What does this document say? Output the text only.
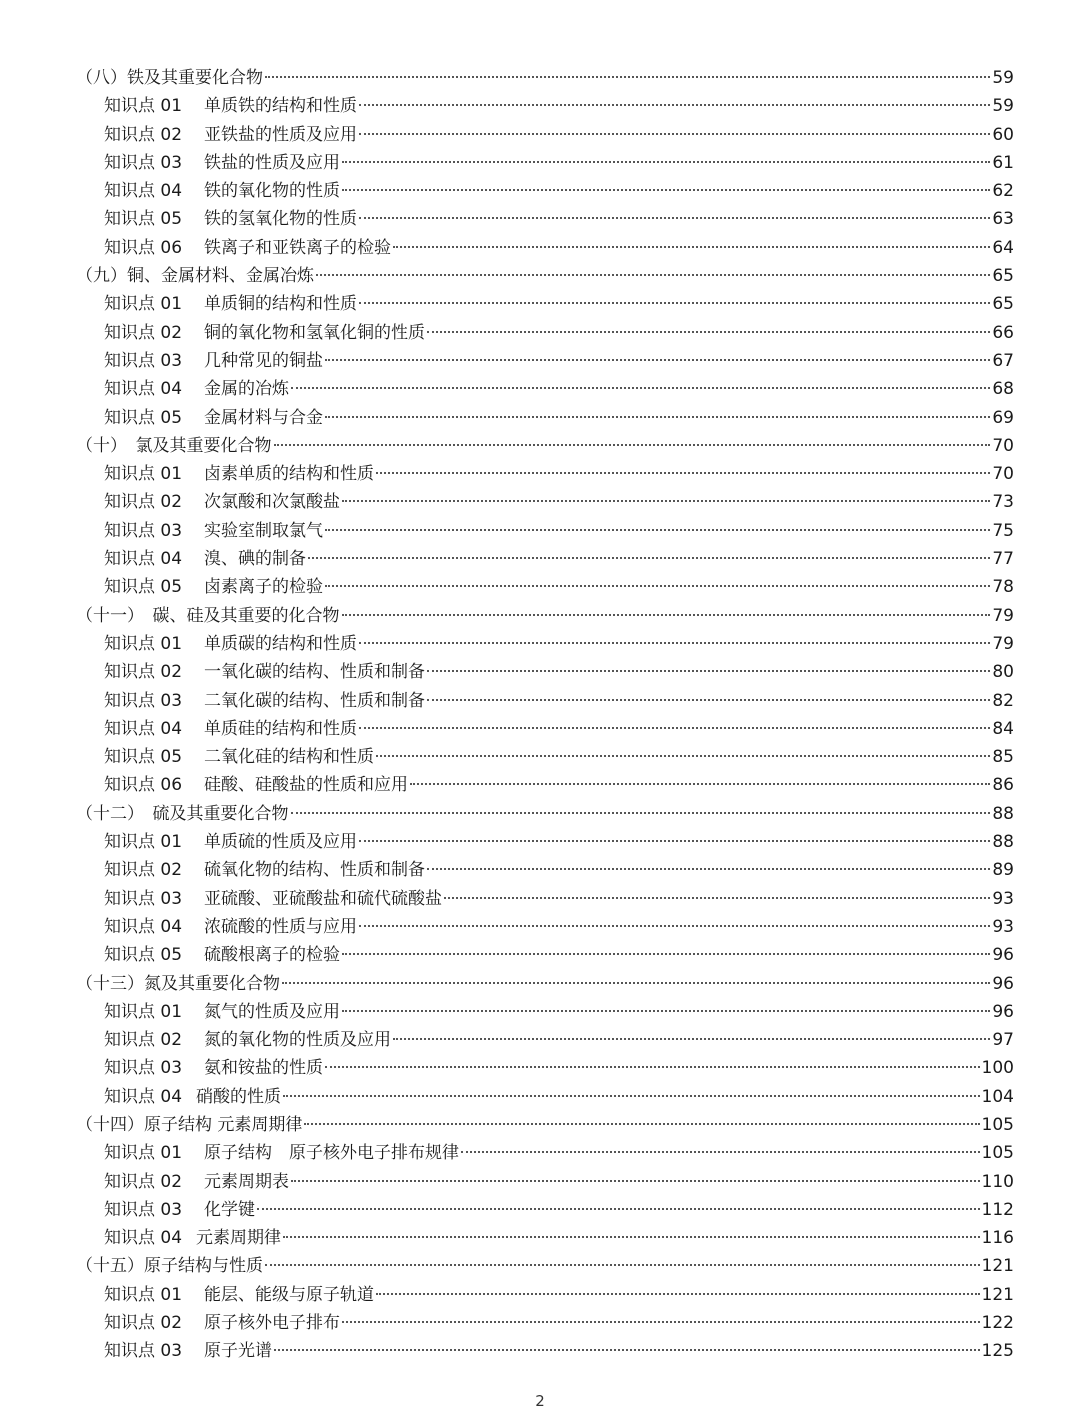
（八）铁及其重要化合物	59
知识点 01	单质铁的结构和性质	59
知识点 02	亚铁盐的性质及应用	60
知识点 03	铁盐的性质及应用	61
知识点 04	铁的氧化物的性质	62
知识点 05	铁的氢氧化物的性质	63
知识点 06	铁离子和亚铁离子的检验	64
（九）铜、金属材料、金属冶炼	65
知识点 01	单质铜的结构和性质	65
知识点 02	铜的氧化物和氢氧化铜的性质	66
知识点 03	几种常见的铜盐	67
知识点 04	金属的冶炼	68
知识点 05	金属材料与合金	69
（十）　氯及其重要化合物	70
知识点 01	卤素单质的结构和性质	70
知识点 02	次氯酸和次氯酸盐	73
知识点 03	实验室制取氯气	75
知识点 04	溴、碘的制备	77
知识点 05	卤素离子的检验	78
（十一）　碳、硅及其重要的化合物	79
知识点 01	单质碳的结构和性质	79
知识点 02	一氧化碳的结构、性质和制备	80
知识点 03	二氧化碳的结构、性质和制备	82
知识点 04	单质硅的结构和性质	84
知识点 05	二氧化硅的结构和性质	85
知识点 06	硅酸、硅酸盐的性质和应用	86
（十二）　硫及其重要化合物	88
知识点 01	单质硫的性质及应用	88
知识点 02	硫氧化物的结构、性质和制备	89
知识点 03	亚硫酸、亚硫酸盐和硫代硫酸盐	93
知识点 04	浓硫酸的性质与应用	93
知识点 05	硫酸根离子的检验	96
（十三）氮及其重要化合物	96
知识点 01	氮气的性质及应用	96
知识点 02	氮的氧化物的性质及应用	97
知识点 03	氨和铵盐的性质	100
知识点 04 硝酸的性质	104
（十四）原子结构 元素周期律	105
知识点 01	原子结构　原子核外电子排布规律	105
知识点 02	元素周期表	110
知识点 03	化学键	112
知识点 04 元素周期律	116
（十五）原子结构与性质	121
知识点 01	能层、能级与原子轨道	121
知识点 02	原子核外电子排布	122
知识点 03	原子光谱	125
2
